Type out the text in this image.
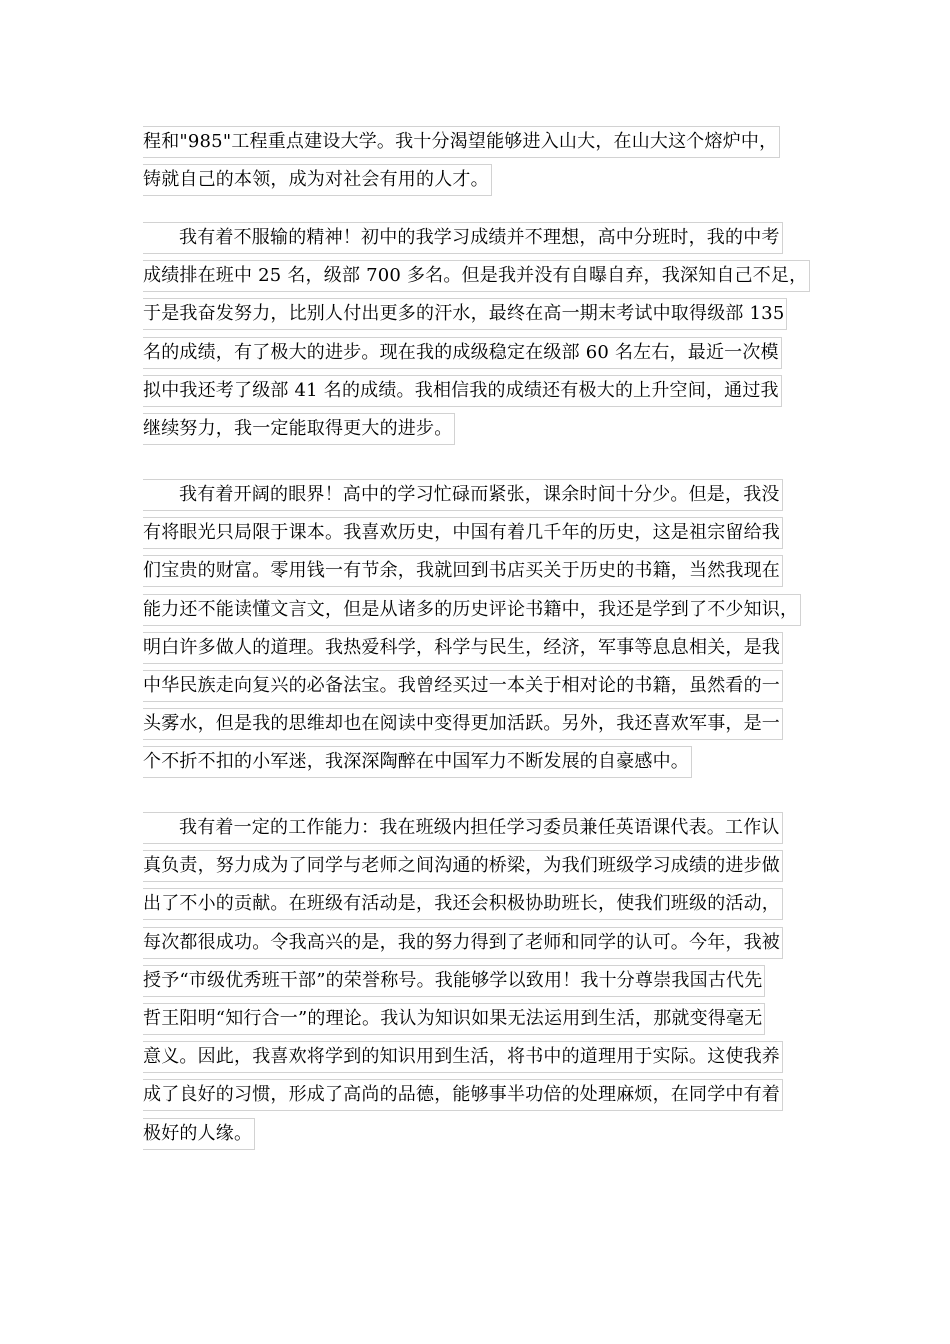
程和"985"工程重点建设大学。我十分渴望能够进入山大，在山大这个熔炉中，
铸就自己的本领，成为对社会有用的人才。
我有着不服输的精神！初中的我学习成绩并不理想，高中分班时，我的中考
成绩排在班中 25 名，级部 700 多名。但是我并没有自曝自弃，我深知自己不足，
于是我奋发努力，比别人付出更多的汗水，最终在高一期末考试中取得级部 135
名的成绩，有了极大的进步。现在我的成级稳定在级部 60 名左右，最近一次模
拟中我还考了级部 41 名的成绩。我相信我的成绩还有极大的上升空间，通过我
继续努力，我一定能取得更大的进步。
我有着开阔的眼界！高中的学习忙碌而紧张，课余时间十分少。但是，我没
有将眼光只局限于课本。我喜欢历史，中国有着几千年的历史，这是祖宗留给我
们宝贵的财富。零用钱一有节余，我就回到书店买关于历史的书籍，当然我现在
能力还不能读懂文言文，但是从诸多的历史评论书籍中，我还是学到了不少知识，
明白许多做人的道理。我热爱科学，科学与民生，经济，军事等息息相关，是我
中华民族走向复兴的必备法宝。我曾经买过一本关于相对论的书籍，虽然看的一
头雾水，但是我的思维却也在阅读中变得更加活跃。另外，我还喜欢军事，是一
个不折不扣的小军迷，我深深陶醉在中国军力不断发展的自豪感中。
我有着一定的工作能力：我在班级内担任学习委员兼任英语课代表。工作认
真负责，努力成为了同学与老师之间沟通的桥梁，为我们班级学习成绩的进步做
出了不小的贡献。在班级有活动是，我还会积极协助班长，使我们班级的活动，
每次都很成功。令我高兴的是，我的努力得到了老师和同学的认可。今年，我被
授予“市级优秀班干部”的荣誉称号。我能够学以致用！我十分尊崇我国古代先
哲王阳明“知行合一”的理论。我认为知识如果无法运用到生活，那就变得毫无
意义。因此，我喜欢将学到的知识用到生活，将书中的道理用于实际。这使我养
成了良好的习惯，形成了高尚的品德，能够事半功倍的处理麻烦，在同学中有着
极好的人缘。
